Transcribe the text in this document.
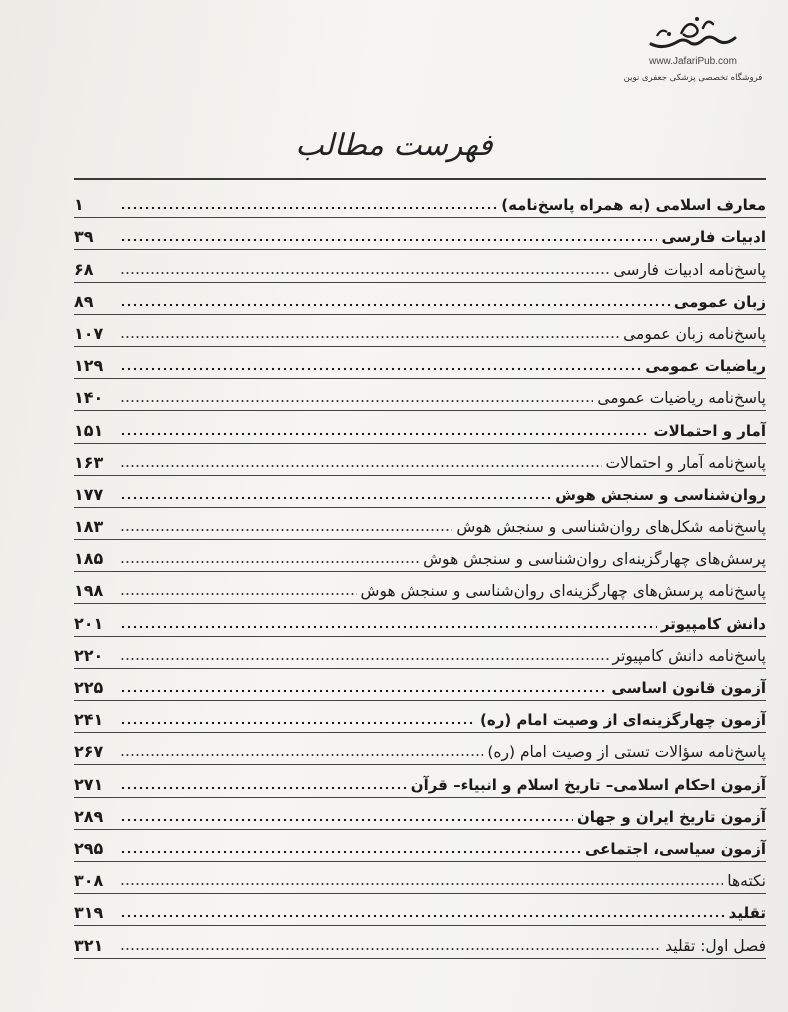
www.JafariPub.com
فروشگاه تخصصی پزشکی جعفری نوین
فهرست مطالب
معارف اسلامی (به همراه پاسخ‌نامه)
۱
ادبیات فارسی
۳۹
پاسخ‌نامه ادبیات فارسی
۶۸
زبان عمومی
۸۹
پاسخ‌نامه زبان عمومی
۱۰۷
ریاضیات عمومی
۱۲۹
پاسخ‌نامه ریاضیات عمومی
۱۴۰
آمار و احتمالات
۱۵۱
پاسخ‌نامه آمار و احتمالات
۱۶۳
روان‌شناسی و سنجش هوش
۱۷۷
پاسخ‌نامه شکل‌های روان‌شناسی و سنجش هوش
۱۸۳
پرسش‌های چهارگزینه‌ای روان‌شناسی و سنجش هوش
۱۸۵
پاسخ‌نامه پرسش‌های چهارگزینه‌ای روان‌شناسی و سنجش هوش
۱۹۸
دانش کامپیوتر
۲۰۱
پاسخ‌نامه دانش کامپیوتر
۲۲۰
آزمون قانون اساسی
۲۲۵
آزمون چهارگزینه‌ای از وصیت امام (ره)
۲۴۱
پاسخ‌نامه سؤالات تستی از وصیت امام (ره)
۲۶۷
آزمون احکام اسلامی– تاریخ اسلام و انبیاء– قرآن
۲۷۱
آزمون تاریخ ایران و جهان
۲۸۹
آزمون سیاسی، اجتماعی
۲۹۵
نکته‌ها
۳۰۸
تقلید
۳۱۹
فصل اول: تقلید
۳۲۱
